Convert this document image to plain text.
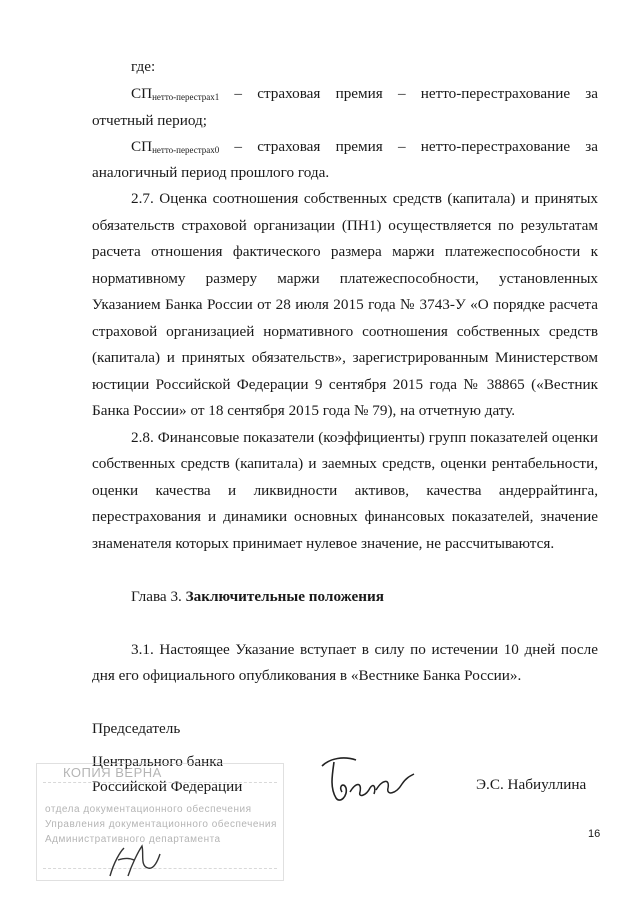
где:
$СП_{нетто-перестрах1}$ – страховая премия – нетто-перестрахование за
отчетный период;
$СП_{нетто-перестрах0}$ – страховая премия – нетто-перестрахование за
аналогичный период прошлого года.
2.7. Оценка соотношения собственных средств (капитала) и принятых
обязательств страховой организации (ПН1) осуществляется по результатам
расчета отношения фактического размера маржи платежеспособности к
нормативному размеру маржи платежеспособности, установленных
Указанием Банка России от 28 июля 2015 года № 3743-У «О порядке расчета
страховой организацией нормативного соотношения собственных средств
(капитала) и принятых обязательств», зарегистрированным Министерством
юстиции Российской Федерации 9 сентября 2015 года № 38865 («Вестник
Банка России» от 18 сентября 2015 года № 79), на отчетную дату.
2.8. Финансовые показатели (коэффициенты) групп показателей оценки
собственных средств (капитала) и заемных средств, оценки рентабельности,
оценки качества и ликвидности активов, качества андеррайтинга,
перестрахования и динамики основных финансовых показателей, значение
знаменателя которых принимает нулевое значение, не рассчитываются.
Глава 3. Заключительные положения
3.1. Настоящее Указание вступает в силу по истечении 10 дней после
дня его официального опубликования в «Вестнике Банка России».
Председатель
Центрального банка
Российской Федерации	Э.С. Набиуллина
КОПИЯ ВЕРНА
отдела документационного обеспечения
Управления документационного обеспечения
Административного департамента	16
